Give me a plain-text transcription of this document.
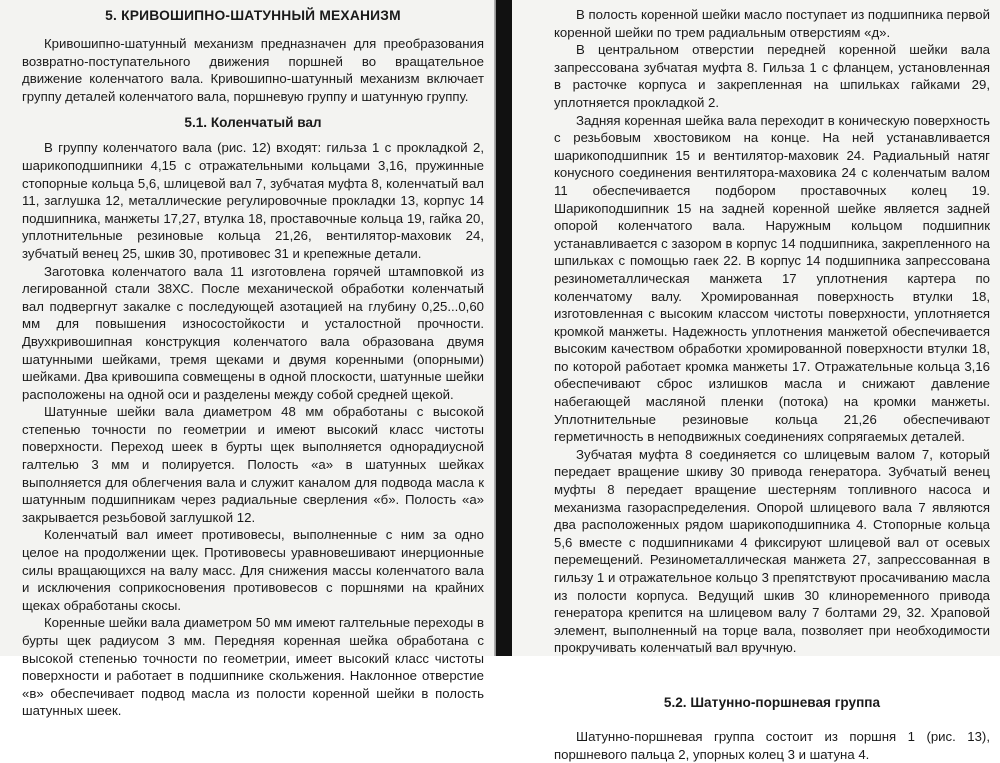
5. КРИВОШИПНО-ШАТУННЫЙ МЕХАНИЗМ

Кривошипно-шатунный механизм предназначен для преобразования возвратно-поступательного движения поршней во вращательное движение коленчатого вала. Кривошипно-шатунный механизм включает группу деталей коленчатого вала, поршневую группу и шатунную группу.

5.1. Коленчатый вал

В группу коленчатого вала (рис. 12) входят: гильза 1 с прокладкой 2, шарикоподшипники 4,15 с отражательными кольцами 3,16, пружинные стопорные кольца 5,6, шлицевой вал 7, зубчатая муфта 8, коленчатый вал 11, заглушка 12, металлические регулировочные прокладки 13, корпус 14 подшипника, манжеты 17,27, втулка 18, проставочные кольца 19, гайка 20, уплотнительные резиновые кольца 21,26, вентилятор-маховик 24, зубчатый венец 25, шкив 30, противовес 31 и крепежные детали.

Заготовка коленчатого вала 11 изготовлена горячей штамповкой из легированной стали 38ХС. После механической обработки коленчатый вал подвергнут закалке с последующей азотацией на глубину 0,25...0,60 мм для повышения износостойкости и усталостной прочности. Двухкривошипная конструкция коленчатого вала образована двумя шатунными шейками, тремя щеками и двумя коренными (опорными) шейками. Два кривошипа совмещены в одной плоскости, шатунные шейки расположены на одной оси и разделены между собой средней щекой.

Шатунные шейки вала диаметром 48 мм обработаны с высокой степенью точности по геометрии и имеют высокий класс чистоты поверхности. Переход шеек в бурты щек выполняется однорадиусной галтелью 3 мм и полируется. Полость «а» в шатунных шейках выполняется для облегчения вала и служит каналом для подвода масла к шатунным подшипникам через радиальные сверления «б». Полость «а» закрывается резьбовой заглушкой 12.

Коленчатый вал имеет противовесы, выполненные с ним за одно целое на продолжении щек. Противовесы уравновешивают инерционные силы вращающихся на валу масс. Для снижения массы коленчатого вала и исключения соприкосновения противовесов с поршнями на крайних щеках обработаны скосы.

Коренные шейки вала диаметром 50 мм имеют галтельные переходы в бурты щек радиусом 3 мм. Передняя коренная шейка обработана с высокой степенью точности по геометрии, имеет высокий класс чистоты поверхности и работает в подшипнике скольжения. Наклонное отверстие «в» обеспечивает подвод масла из полости коренной шейки в полость шатунных шеек.

В полость коренной шейки масло поступает из подшипника первой коренной шейки по трем радиальным отверстиям «д».

В центральном отверстии передней коренной шейки вала запрессована зубчатая муфта 8. Гильза 1 с фланцем, установленная в расточке корпуса и закрепленная на шпильках гайками 29, уплотняется прокладкой 2.

Задняя коренная шейка вала переходит в коническую поверхность с резьбовым хвостовиком на конце. На ней устанавливается шарикоподшипник 15 и вентилятор-маховик 24. Радиальный натяг конусного соединения вентилятора-маховика 24 с коленчатым валом 11 обеспечивается подбором проставочных колец 19. Шарикоподшипник 15 на задней коренной шейке является задней опорой коленчатого вала. Наружным кольцом подшипник устанавливается с зазором в корпус 14 подшипника, закрепленного на шпильках с помощью гаек 22. В корпус 14 подшипника запрессована резинометаллическая манжета 17 уплотнения картера по коленчатому валу. Хромированная поверхность втулки 18, изготовленная с высоким классом чистоты поверхности, уплотняется кромкой манжеты. Надежность уплотнения манжетой обеспечивается высоким качеством обработки хромированной поверхности втулки 18, по которой работает кромка манжеты 17. Отражательные кольца 3,16 обеспечивают сброс излишков масла и снижают давление набегающей масляной пленки (потока) на кромки манжеты. Уплотнительные резиновые кольца 21,26 обеспечивают герметичность в неподвижных соединениях сопрягаемых деталей.

Зубчатая муфта 8 соединяется со шлицевым валом 7, который передает вращение шкиву 30 привода генератора. Зубчатый венец муфты 8 передает вращение шестерням топливного насоса и механизма газораспределения. Опорой шлицевого вала 7 являются два расположенных рядом шарикоподшипника 4. Стопорные кольца 5,6 вместе с подшипниками 4 фиксируют шлицевой вал от осевых перемещений. Резинометаллическая манжета 27, запрессованная в гильзу 1 и отражательное кольцо 3 препятствуют просачиванию масла из полости корпуса. Ведущий шкив 30 клиноременного привода генератора крепится на шлицевом валу 7 болтами 29, 32. Храповой элемент, выполненный на торце вала, позволяет при необходимости прокручивать коленчатый вал вручную.

5.2. Шатунно-поршневая группа

Шатунно-поршневая группа состоит из поршня 1 (рис. 13), поршневого пальца 2, упорных колец 3 и шатуна 4.
